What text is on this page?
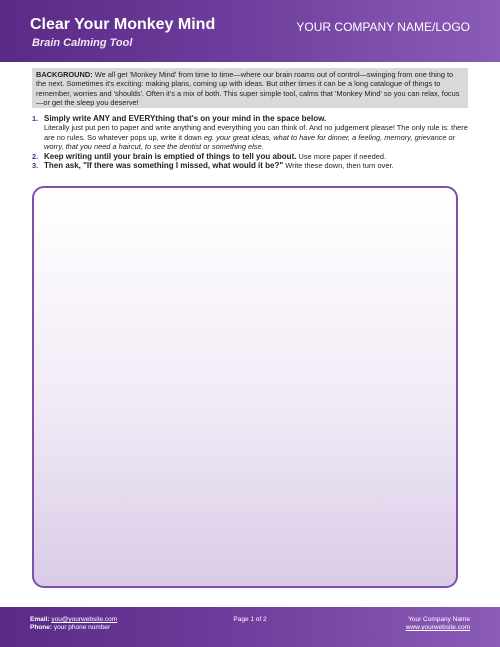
Clear Your Monkey Mind
Brain Calming Tool
YOUR COMPANY NAME/LOGO
BACKGROUND: We all get 'Monkey Mind' from time to time—where our brain roams out of control—swinging from one thing to the next. Sometimes it's exciting: making plans, coming up with ideas. But other times it can be a long catalogue of things to remember, worries and 'shoulds'. Often it's a mix of both. This super simple tool, calms that 'Monkey Mind' so you can relax, focus—or get the sleep you deserve!
1. Simply write ANY and EVERYthing that's on your mind in the space below.
Literally just put pen to paper and write anything and everything you can think of. And no judgement please! The only rule is: there are no rules. So whatever pops up, write it down eg. your great ideas, what to have for dinner, a feeling, memory, grievance or worry, that you need a haircut, to see the dentist or something else.
2. Keep writing until your brain is emptied of things to tell you about. Use more paper if needed.
3. Then ask, "If there was something I missed, what would it be?" Write these down, then turn over.
Email: you@yourwebsite.com
Phone: your phone number
Page 1 of 2	Your Company Name
www.yourwebsite.com
